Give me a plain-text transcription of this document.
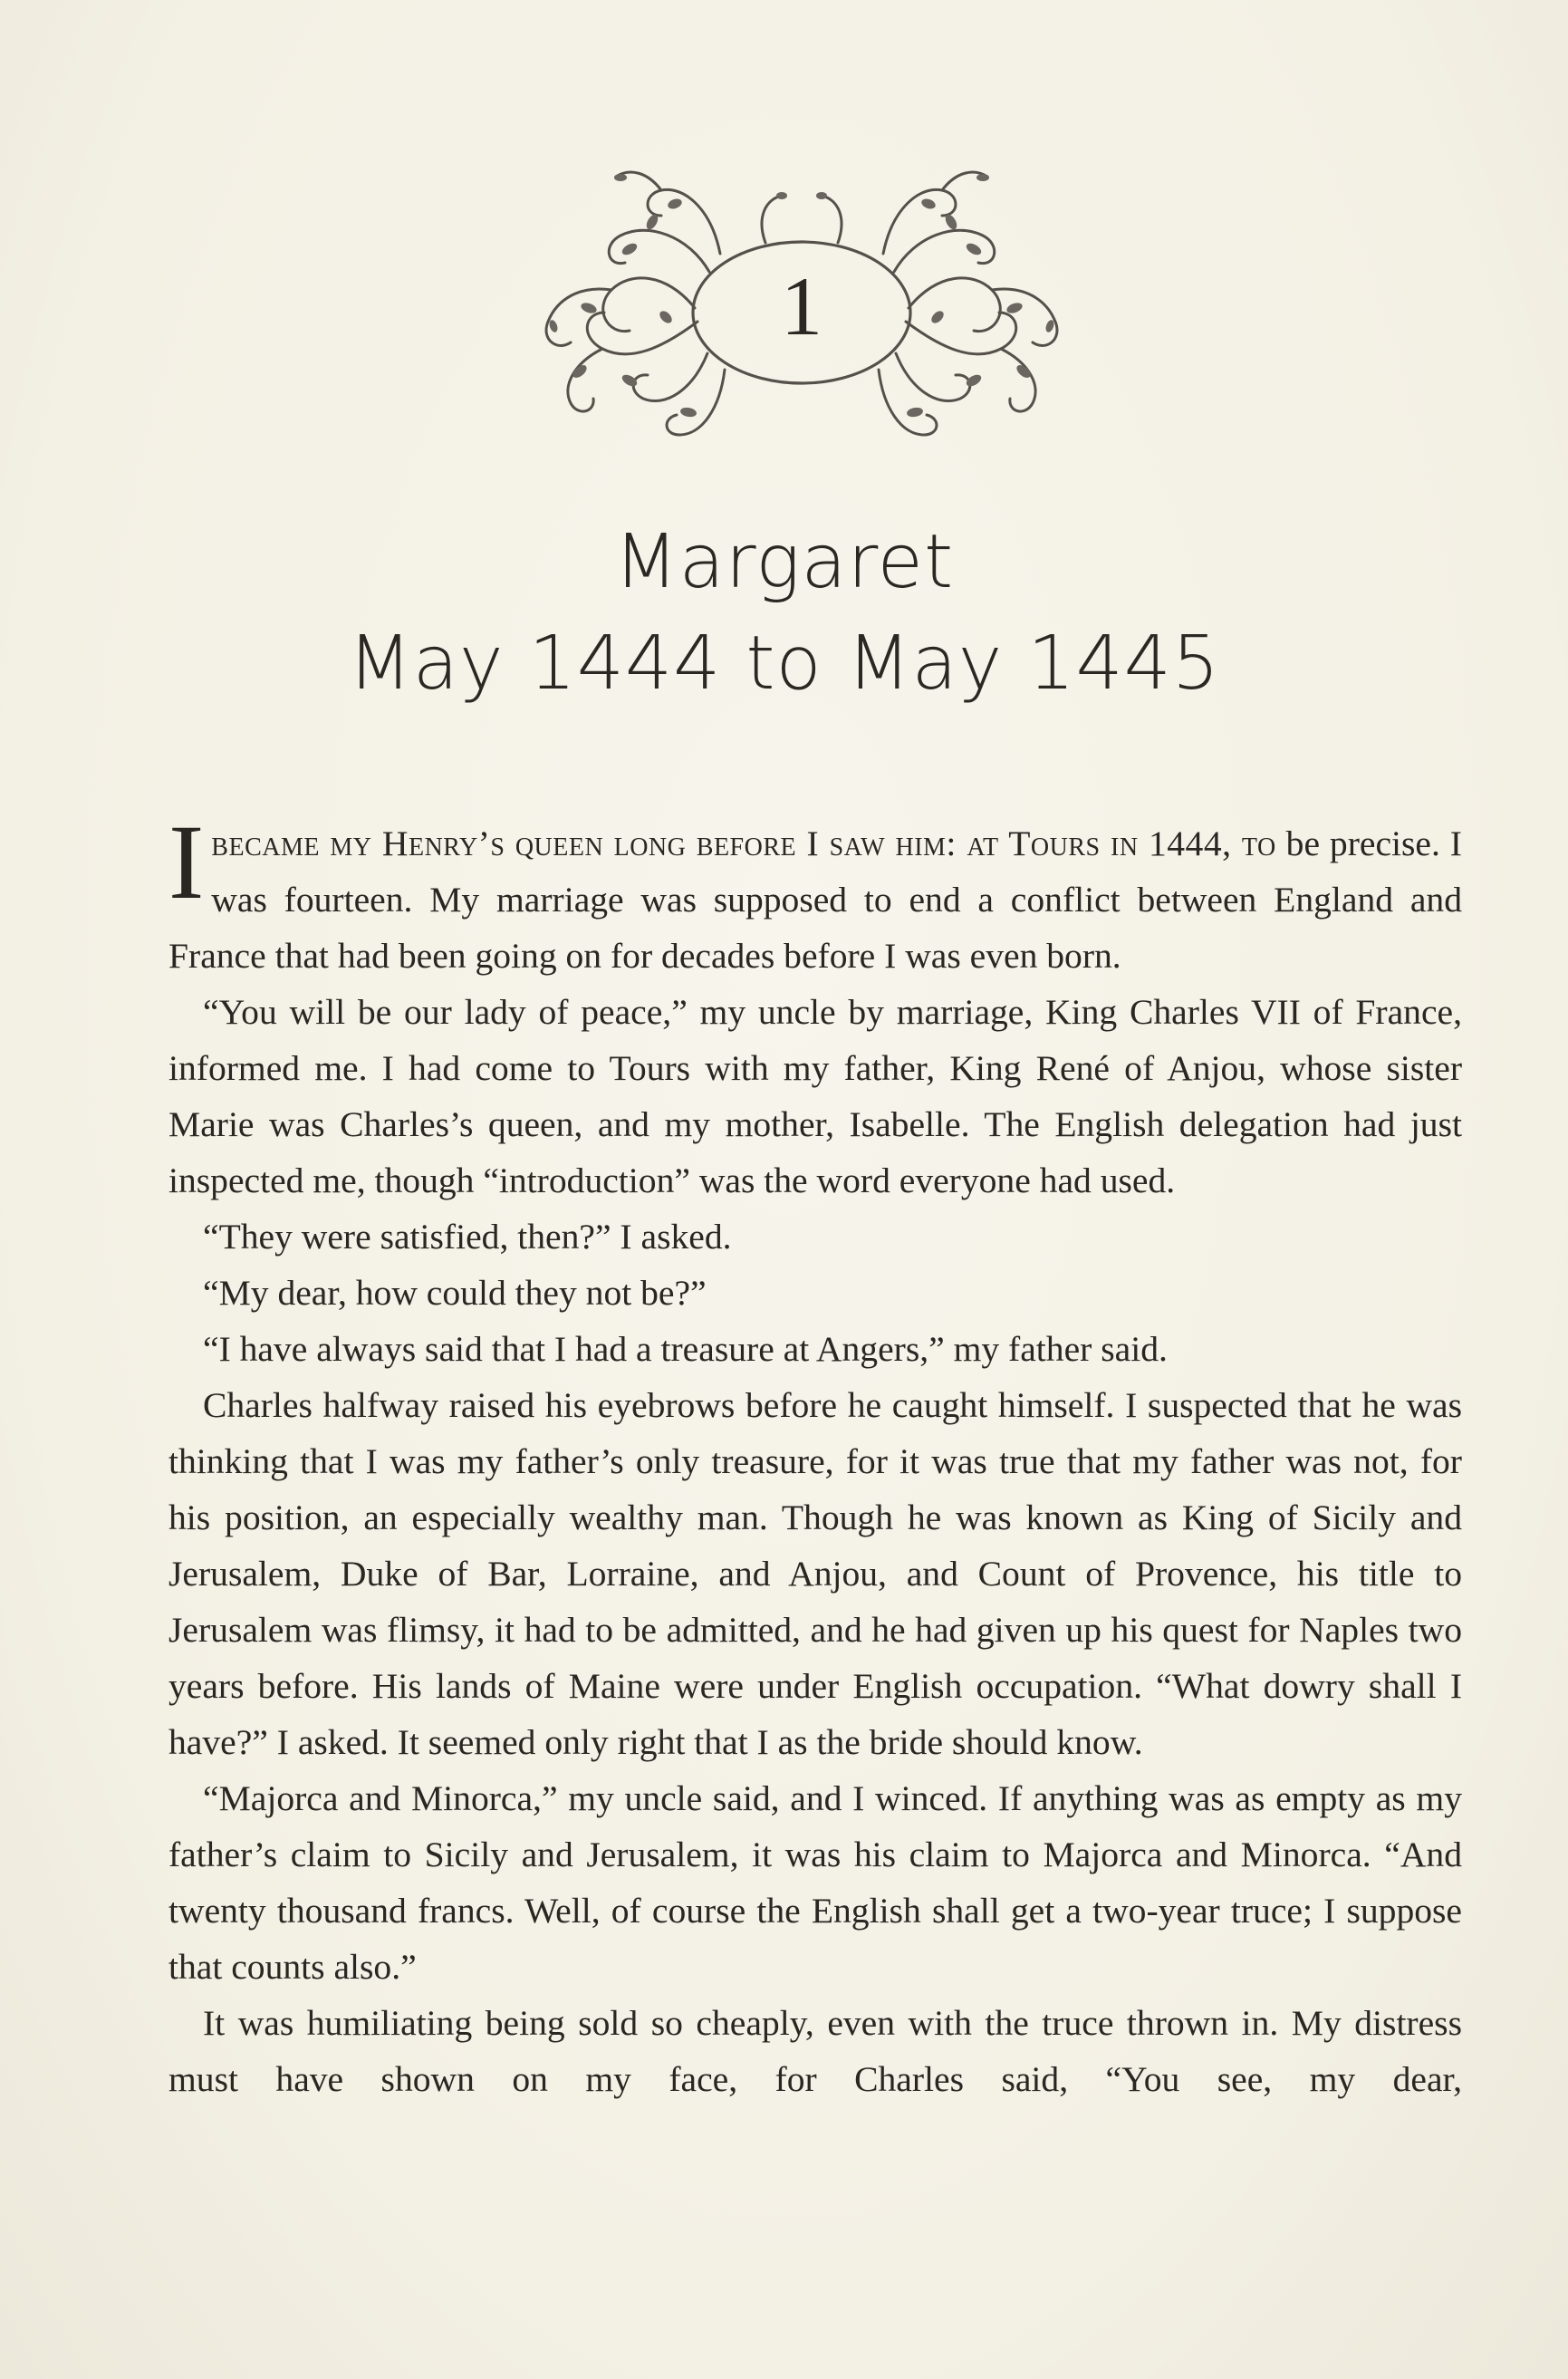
1
Margaret
May 1444 to May 1445

Ibecame my Henry’s queen long before I saw him: at Tours in 1444, to be precise. I was fourteen. My marriage was supposed to end a conflict between England and France that had been going on for decades before I was even born.

“You will be our lady of peace,” my uncle by marriage, King Charles VII of France, informed me. I had come to Tours with my father, King René of Anjou, whose sister Marie was Charles’s queen, and my mother, Isabelle. The English delegation had just inspected me, though “introduction” was the word everyone had used.

“They were satisfied, then?” I asked.

“My dear, how could they not be?”

“I have always said that I had a treasure at Angers,” my father said.

Charles halfway raised his eyebrows before he caught himself. I suspected that he was thinking that I was my father’s only treasure, for it was true that my father was not, for his position, an especially wealthy man. Though he was known as King of Sicily and Jerusalem, Duke of Bar, Lorraine, and Anjou, and Count of Provence, his title to Jerusalem was flimsy, it had to be admitted, and he had given up his quest for Naples two years before. His lands of Maine were under English occupation. “What dowry shall I have?” I asked. It seemed only right that I as the bride should know.

“Majorca and Minorca,” my uncle said, and I winced. If anything was as empty as my father’s claim to Sicily and Jerusalem, it was his claim to Majorca and Minorca. “And twenty thousand francs. Well, of course the English shall get a two-year truce; I suppose that counts also.”

It was humiliating being sold so cheaply, even with the truce thrown in. My distress must have shown on my face, for Charles said, “You see, my dear,
